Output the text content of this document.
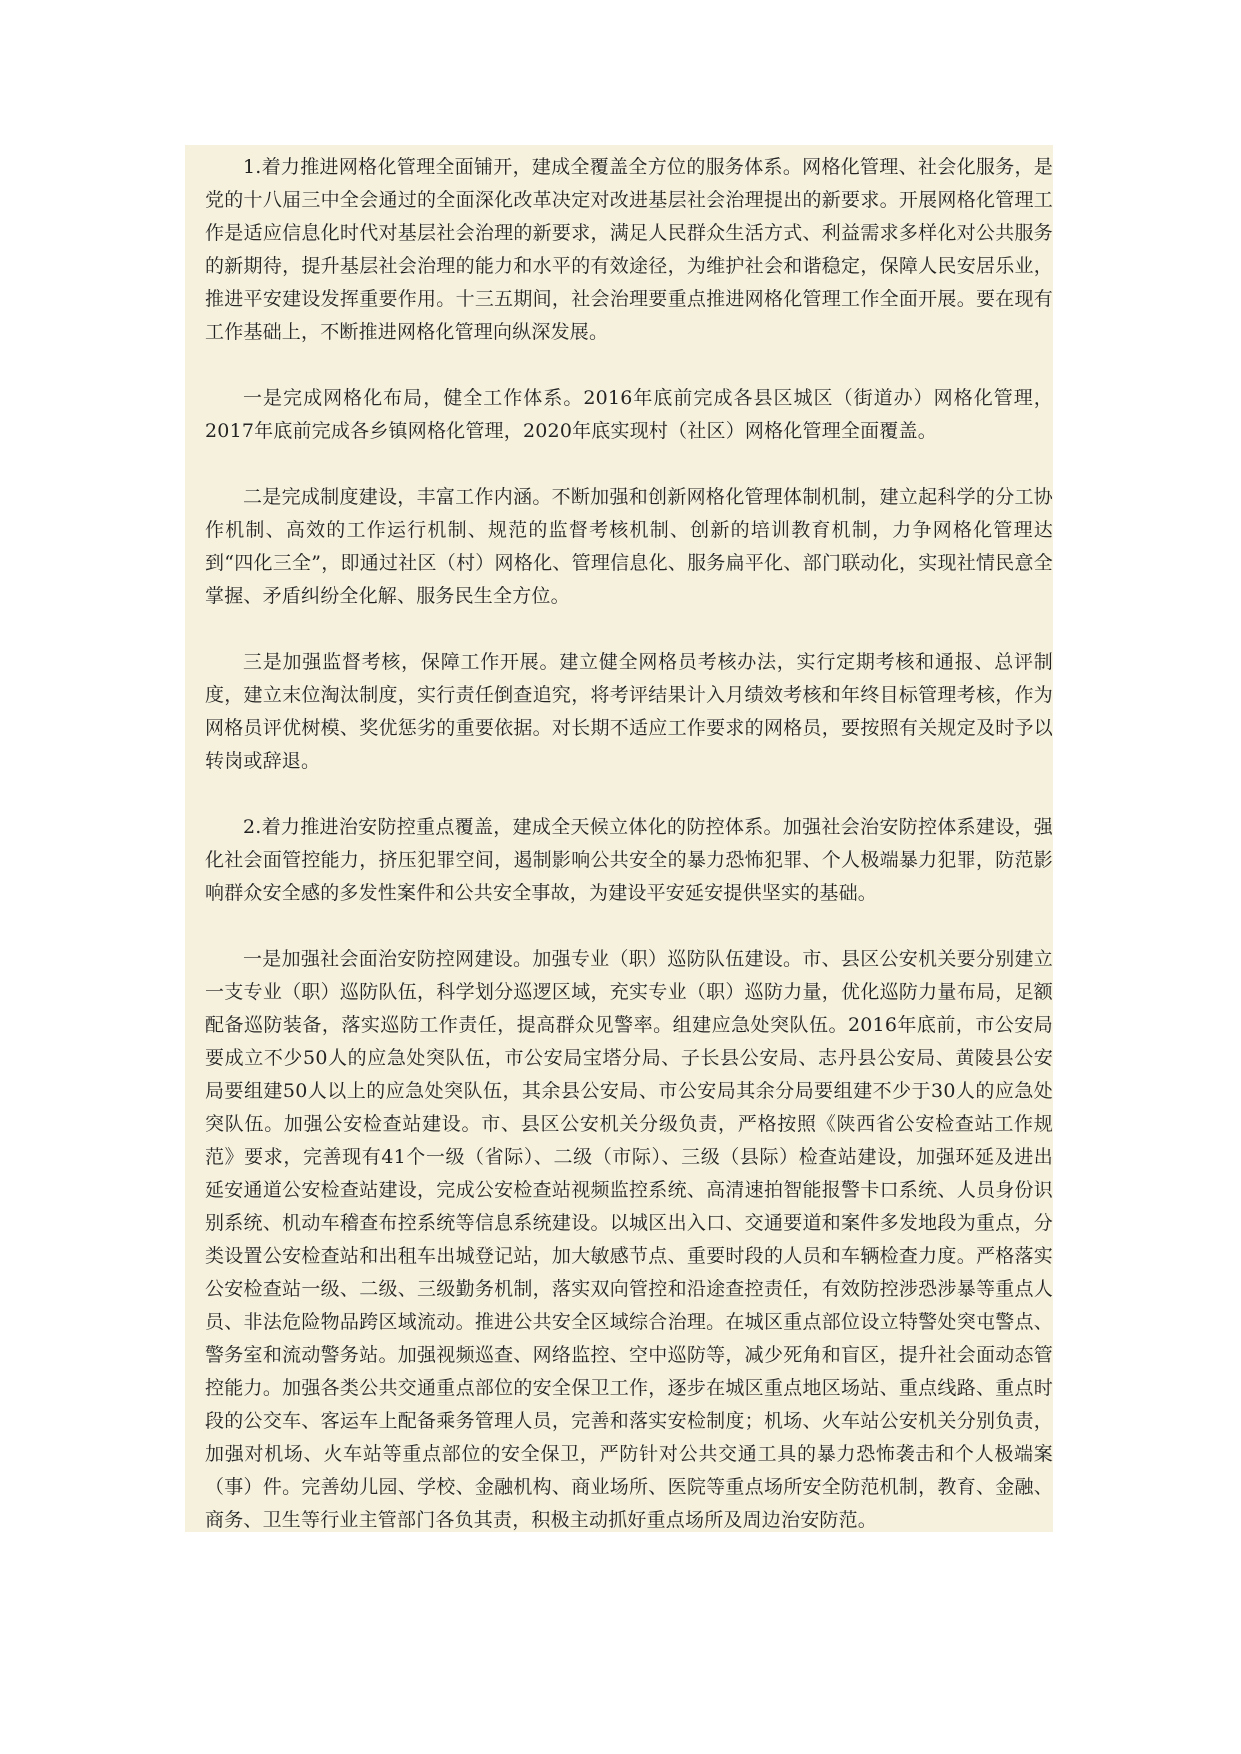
1.着力推进网格化管理全面铺开，建成全覆盖全方位的服务体系。网格化管理、社会化服务，是党的十八届三中全会通过的全面深化改革决定对改进基层社会治理提出的新要求。开展网格化管理工作是适应信息化时代对基层社会治理的新要求，满足人民群众生活方式、利益需求多样化对公共服务的新期待，提升基层社会治理的能力和水平的有效途径，为维护社会和谐稳定，保障人民安居乐业，推进平安建设发挥重要作用。十三五期间，社会治理要重点推进网格化管理工作全面开展。要在现有工作基础上，不断推进网格化管理向纵深发展。

一是完成网格化布局，健全工作体系。2016年底前完成各县区城区（街道办）网格化管理，2017年底前完成各乡镇网格化管理，2020年底实现村（社区）网格化管理全面覆盖。

二是完成制度建设，丰富工作内涵。不断加强和创新网格化管理体制机制，建立起科学的分工协作机制、高效的工作运行机制、规范的监督考核机制、创新的培训教育机制，力争网格化管理达到“四化三全”，即通过社区（村）网格化、管理信息化、服务扁平化、部门联动化，实现社情民意全掌握、矛盾纠纷全化解、服务民生全方位。

三是加强监督考核，保障工作开展。建立健全网格员考核办法，实行定期考核和通报、总评制度，建立末位淘汰制度，实行责任倒查追究，将考评结果计入月绩效考核和年终目标管理考核，作为网格员评优树模、奖优惩劣的重要依据。对长期不适应工作要求的网格员，要按照有关规定及时予以转岗或辞退。

2.着力推进治安防控重点覆盖，建成全天候立体化的防控体系。加强社会治安防控体系建设，强化社会面管控能力，挤压犯罪空间，遏制影响公共安全的暴力恐怖犯罪、个人极端暴力犯罪，防范影响群众安全感的多发性案件和公共安全事故，为建设平安延安提供坚实的基础。

一是加强社会面治安防控网建设。加强专业（职）巡防队伍建设。市、县区公安机关要分别建立一支专业（职）巡防队伍，科学划分巡逻区域，充实专业（职）巡防力量，优化巡防力量布局，足额配备巡防装备，落实巡防工作责任，提高群众见警率。组建应急处突队伍。2016年底前，市公安局要成立不少50人的应急处突队伍，市公安局宝塔分局、子长县公安局、志丹县公安局、黄陵县公安局要组建50人以上的应急处突队伍，其余县公安局、市公安局其余分局要组建不少于30人的应急处突队伍。加强公安检查站建设。市、县区公安机关分级负责，严格按照《陕西省公安检查站工作规范》要求，完善现有41个一级（省际）、二级（市际）、三级（县际）检查站建设，加强环延及进出延安通道公安检查站建设，完成公安检查站视频监控系统、高清速拍智能报警卡口系统、人员身份识别系统、机动车稽查布控系统等信息系统建设。以城区出入口、交通要道和案件多发地段为重点，分类设置公安检查站和出租车出城登记站，加大敏感节点、重要时段的人员和车辆检查力度。严格落实公安检查站一级、二级、三级勤务机制，落实双向管控和沿途查控责任，有效防控涉恐涉暴等重点人员、非法危险物品跨区域流动。推进公共安全区域综合治理。在城区重点部位设立特警处突屯警点、警务室和流动警务站。加强视频巡查、网络监控、空中巡防等，减少死角和盲区，提升社会面动态管控能力。加强各类公共交通重点部位的安全保卫工作，逐步在城区重点地区场站、重点线路、重点时段的公交车、客运车上配备乘务管理人员，完善和落实安检制度；机场、火车站公安机关分别负责，加强对机场、火车站等重点部位的安全保卫，严防针对公共交通工具的暴力恐怖袭击和个人极端案（事）件。完善幼儿园、学校、金融机构、商业场所、医院等重点场所安全防范机制，教育、金融、商务、卫生等行业主管部门各负其责，积极主动抓好重点场所及周边治安防范。
